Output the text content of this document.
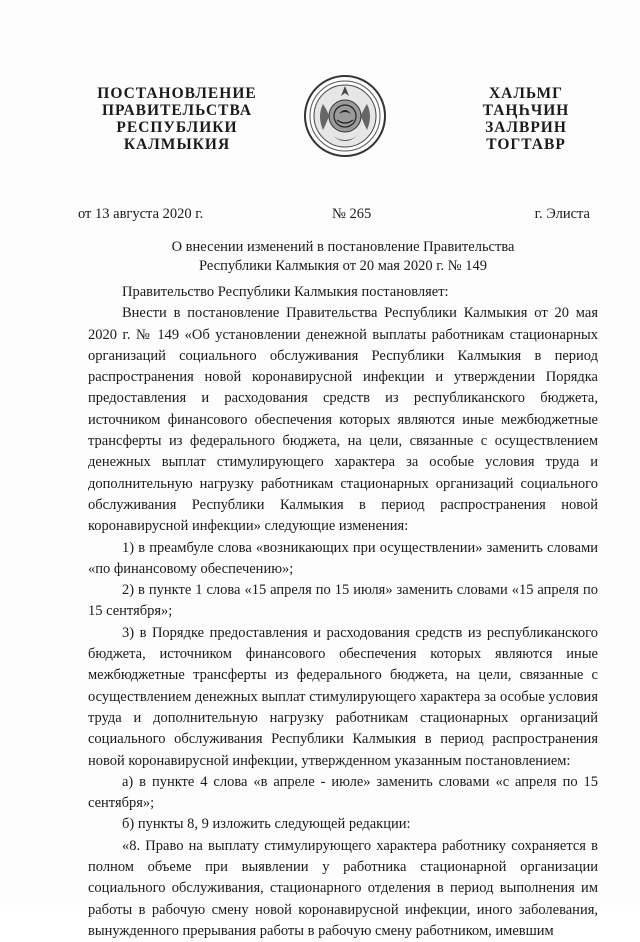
ПОСТАНОВЛЕНИЕ
ПРАВИТЕЛЬСТВА
РЕСПУБЛИКИ
КАЛМЫКИЯ
ХАЛЬМГ
ТАҢҺЧИН
ЗАЛВРИН
ТОГТАВР
от 13 августа 2020 г.	№ 265	г. Элиста
О внесении изменений в постановление Правительства
Республики Калмыкия от 20 мая 2020 г. № 149

Правительство Республики Калмыкия постановляет:

Внести в постановление Правительства Республики Калмыкия от 20 мая 2020 г. № 149 «Об установлении денежной выплаты работникам стационарных организаций социального обслуживания Республики Калмыкия в период распространения новой коронавирусной инфекции и утверждении Порядка предоставления и расходования средств из республиканского бюджета, источником финансового обеспечения которых являются иные межбюджетные трансферты из федерального бюджета, на цели, связанные с осуществлением денежных выплат стимулирующего характера за особые условия труда и дополнительную нагрузку работникам стационарных организаций социального обслуживания Республики Калмыкия в период распространения новой коронавирусной инфекции» следующие изменения:

1) в преамбуле слова «возникающих при осуществлении» заменить словами «по финансовому обеспечению»;

2) в пункте 1 слова «15 апреля по 15 июля» заменить словами «15 апреля по 15 сентября»;

3) в Порядке предоставления и расходования средств из республиканского бюджета, источником финансового обеспечения которых являются иные межбюджетные трансферты из федерального бюджета, на цели, связанные с осуществлением денежных выплат стимулирующего характера за особые условия труда и дополнительную нагрузку работникам стационарных организаций социального обслуживания Республики Калмыкия в период распространения новой коронавирусной инфекции, утвержденном указанным постановлением:

а) в пункте 4 слова «в апреле - июле» заменить словами «с апреля по 15 сентября»;

б) пункты 8, 9 изложить следующей редакции:

«8. Право на выплату стимулирующего характера работнику сохраняется в полном объеме при выявлении у работника стационарной организации социального обслуживания, стационарного отделения в период выполнения им работы в рабочую смену новой коронавирусной инфекции, иного заболевания, вынужденного прерывания работы в рабочую смену работником, имевшим
